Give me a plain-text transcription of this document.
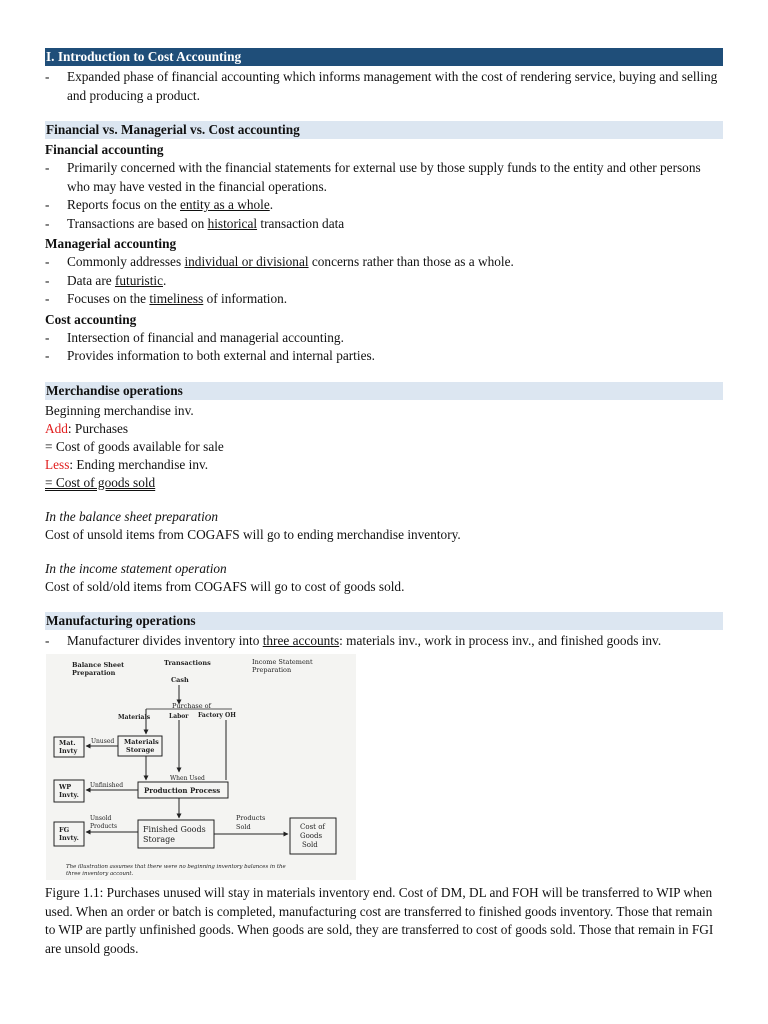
I. Introduction to Cost Accounting
-	Expanded phase of financial accounting which informs management with the cost of rendering service, buying and selling and producing a product.
Financial vs. Managerial vs. Cost accounting
Financial accounting
-	Primarily concerned with the financial statements for external use by those supply funds to the entity and other persons who may have vested in the financial operations.
-	Reports focus on the entity as a whole.
-	Transactions are based on historical transaction data
Managerial accounting
-	Commonly addresses individual or divisional concerns rather than those as a whole.
-	Data are futuristic.
-	Focuses on the timeliness of information.
Cost accounting
-	Intersection of financial and managerial accounting.
-	Provides information to both external and internal parties.
Merchandise operations
Beginning merchandise inv.
Add: Purchases
= Cost of goods available for sale
Less: Ending merchandise inv.
= Cost of goods sold
In the balance sheet preparation
Cost of unsold items from COGAFS will go to ending merchandise inventory.
In the income statement operation
Cost of sold/old items from COGAFS will go to cost of goods sold.
Manufacturing operations
-	Manufacturer divides inventory into three accounts: materials inv., work in process inv., and finished goods inv.
Balance Sheet
Preparation
Transactions	Income Statement
Preparation
Cash
Purchase of
Materials	Labor Factory OH
Materials
Storage
Mat.
Invty
Unused
When Used
Production Process
WP
Invty.
Unfinished
Finished Goods
Storage
FG
Invty.
Unsold
Products
Products
Sold	Cost of
Goods
Sold
The illustration assumes that there were no beginning inventory balances in the
three inventory account.
Figure 1.1: Purchases unused will stay in materials inventory end. Cost of DM, DL and FOH will be transferred to WIP when used. When an order or batch is completed, manufacturing cost are transferred to finished goods inventory. Those that remain to WIP are partly unfinished goods. When goods are sold, they are transferred to cost of goods sold. Those that remain in FGI are unsold goods.
